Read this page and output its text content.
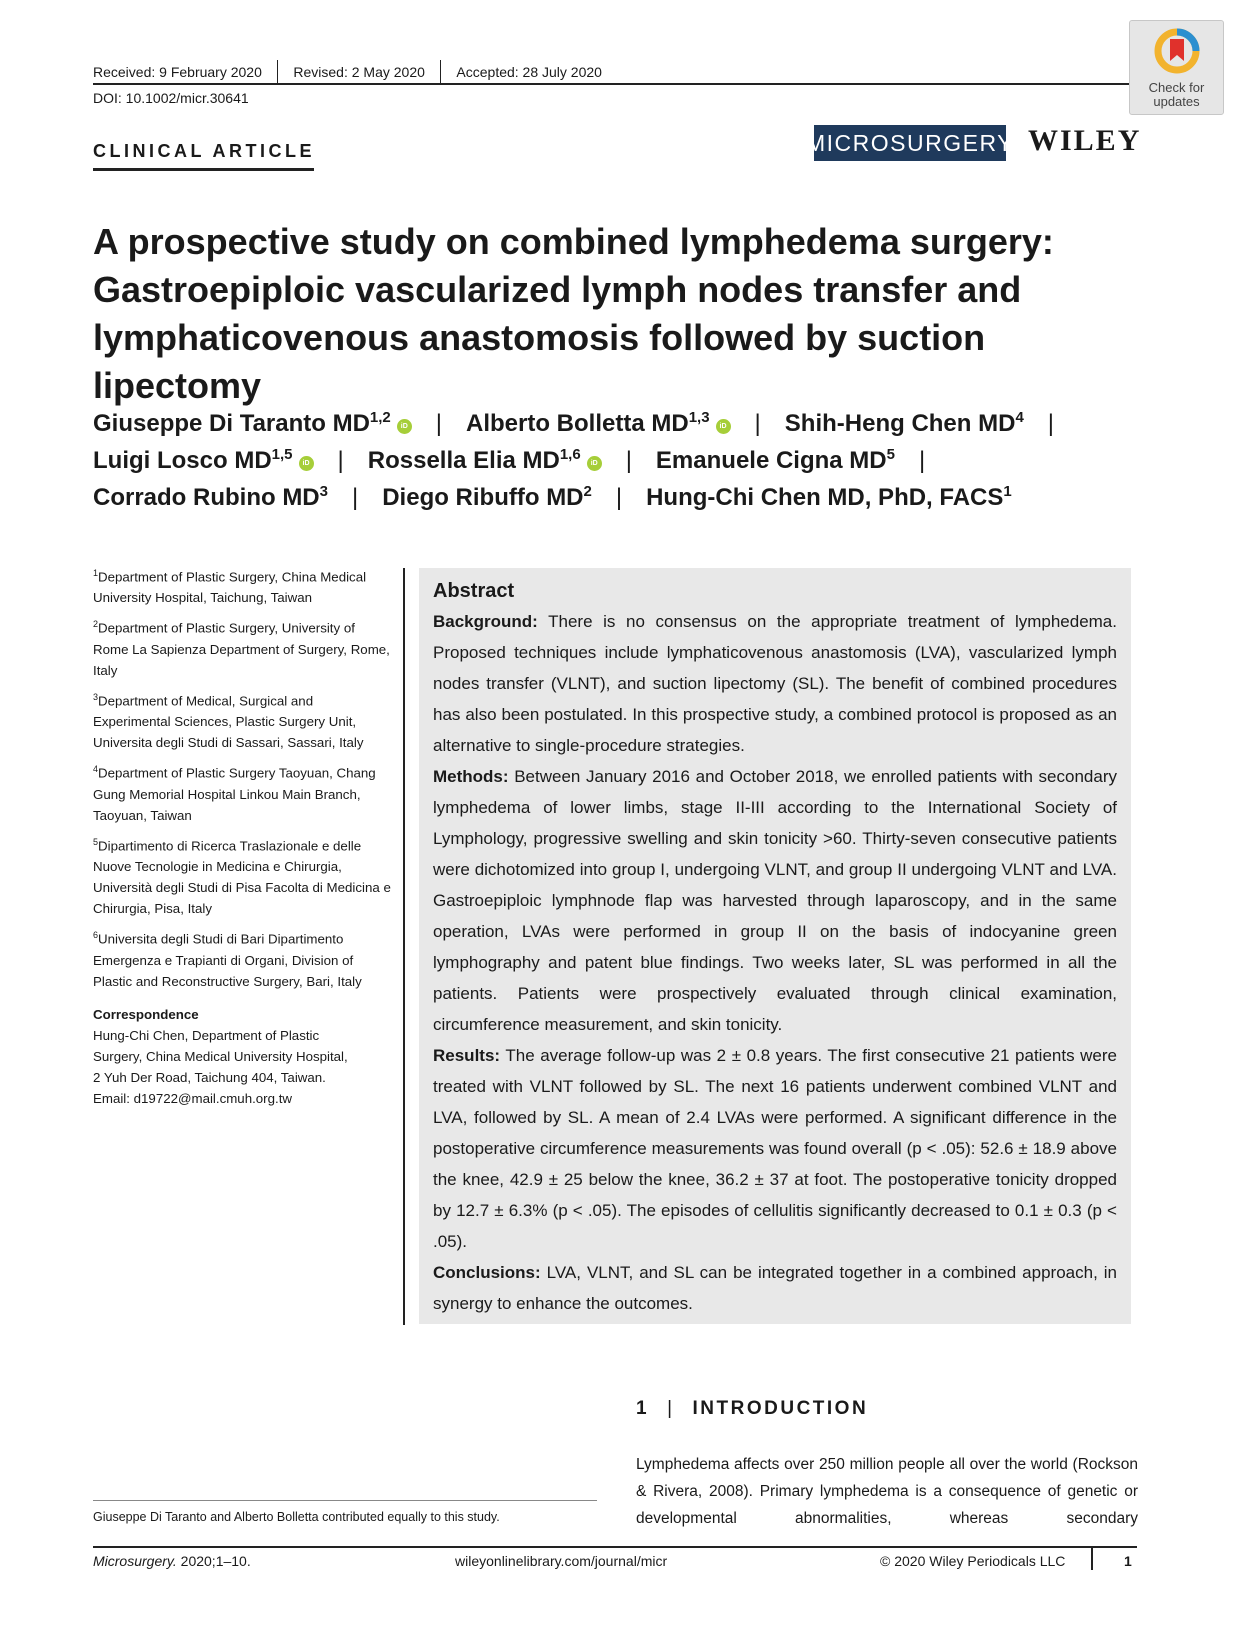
Received: 9 February 2020 Revised: 2 May 2020 Accepted: 28 July 2020
DOI: 10.1002/micr.30641
Check for updates
CLINICAL ARTICLE	MICROSURGERY WILEY
A prospective study on combined lymphedema surgery: Gastroepiploic vascularized lymph nodes transfer and lymphaticovenous anastomosis followed by suction lipectomy
Giuseppe Di Taranto MD$^{1,2}$iD | Alberto Bolletta MD$^{1,3}$iD | Shih-Heng Chen $MD^4$ |
Luigi Losco MD$^{1,5}$iD | Rossella Elia MD$^{1,6}$iD | Emanuele Cigna $MD^5$ |
Corrado Rubino $MD^3$ | Diego Ribuffo $MD^2$ | Hung-Chi Chen MD, PhD, FACS$^1$

$^1$Department of Plastic Surgery, China Medical University Hospital, Taichung, Taiwan

$^2$Department of Plastic Surgery, University of Rome La Sapienza Department of Surgery, Rome, Italy

$^3$Department of Medical, Surgical and Experimental Sciences, Plastic Surgery Unit, Universita degli Studi di Sassari, Sassari, Italy

$^4$Department of Plastic Surgery Taoyuan, Chang Gung Memorial Hospital Linkou Main Branch, Taoyuan, Taiwan

$^5$Dipartimento di Ricerca Traslazionale e delle Nuove Tecnologie in Medicina e Chirurgia, Università degli Studi di Pisa Facolta di Medicina e Chirurgia, Pisa, Italy

$^6$Universita degli Studi di Bari Dipartimento Emergenza e Trapianti di Organi, Division of Plastic and Reconstructive Surgery, Bari, Italy

Correspondence
Hung-Chi Chen, Department of Plastic
Surgery, China Medical University Hospital,
2 Yuh Der Road, Taichung 404, Taiwan.
Email: d19722@mail.cmuh.org.tw
Abstract

Background: There is no consensus on the appropriate treatment of lymphedema. Proposed techniques include lymphaticovenous anastomosis (LVA), vascularized lymph nodes transfer (VLNT), and suction lipectomy (SL). The benefit of combined procedures has also been postulated. In this prospective study, a combined protocol is proposed as an alternative to single-procedure strategies.

Methods: Between January 2016 and October 2018, we enrolled patients with secondary lymphedema of lower limbs, stage II-III according to the International Society of Lymphology, progressive swelling and skin tonicity >60. Thirty-seven consecutive patients were dichotomized into group I, undergoing VLNT, and group II undergoing VLNT and LVA. Gastroepiploic lymphnode flap was harvested through laparoscopy, and in the same operation, LVAs were performed in group II on the basis of indocyanine green lymphography and patent blue findings. Two weeks later, SL was performed in all the patients. Patients were prospectively evaluated through clinical examination, circumference measurement, and skin tonicity.

Results: The average follow-up was 2 ± 0.8 years. The first consecutive 21 patients were treated with VLNT followed by SL. The next 16 patients underwent combined VLNT and LVA, followed by SL. A mean of 2.4 LVAs were performed. A significant difference in the postoperative circumference measurements was found overall (p < .05): 52.6 ± 18.9 above the knee, 42.9 ± 25 below the knee, 36.2 ± 37 at foot. The postoperative tonicity dropped by 12.7 ± 6.3% (p < .05). The episodes of cellulitis significantly decreased to 0.1 ± 0.3 (p < .05).

Conclusions: LVA, VLNT, and SL can be integrated together in a combined approach, in synergy to enhance the outcomes.

1 | INTRODUCTION
Lymphedema affects over 250 million people all over the world (Rockson & Rivera, 2008). Primary lymphedema is a consequence of genetic or developmental abnormalities, whereas secondary
Giuseppe Di Taranto and Alberto Bolletta contributed equally to this study.
Microsurgery. 2020;1–10.	wileyonlinelibrary.com/journal/micr	© 2020 Wiley Periodicals LLC	1
